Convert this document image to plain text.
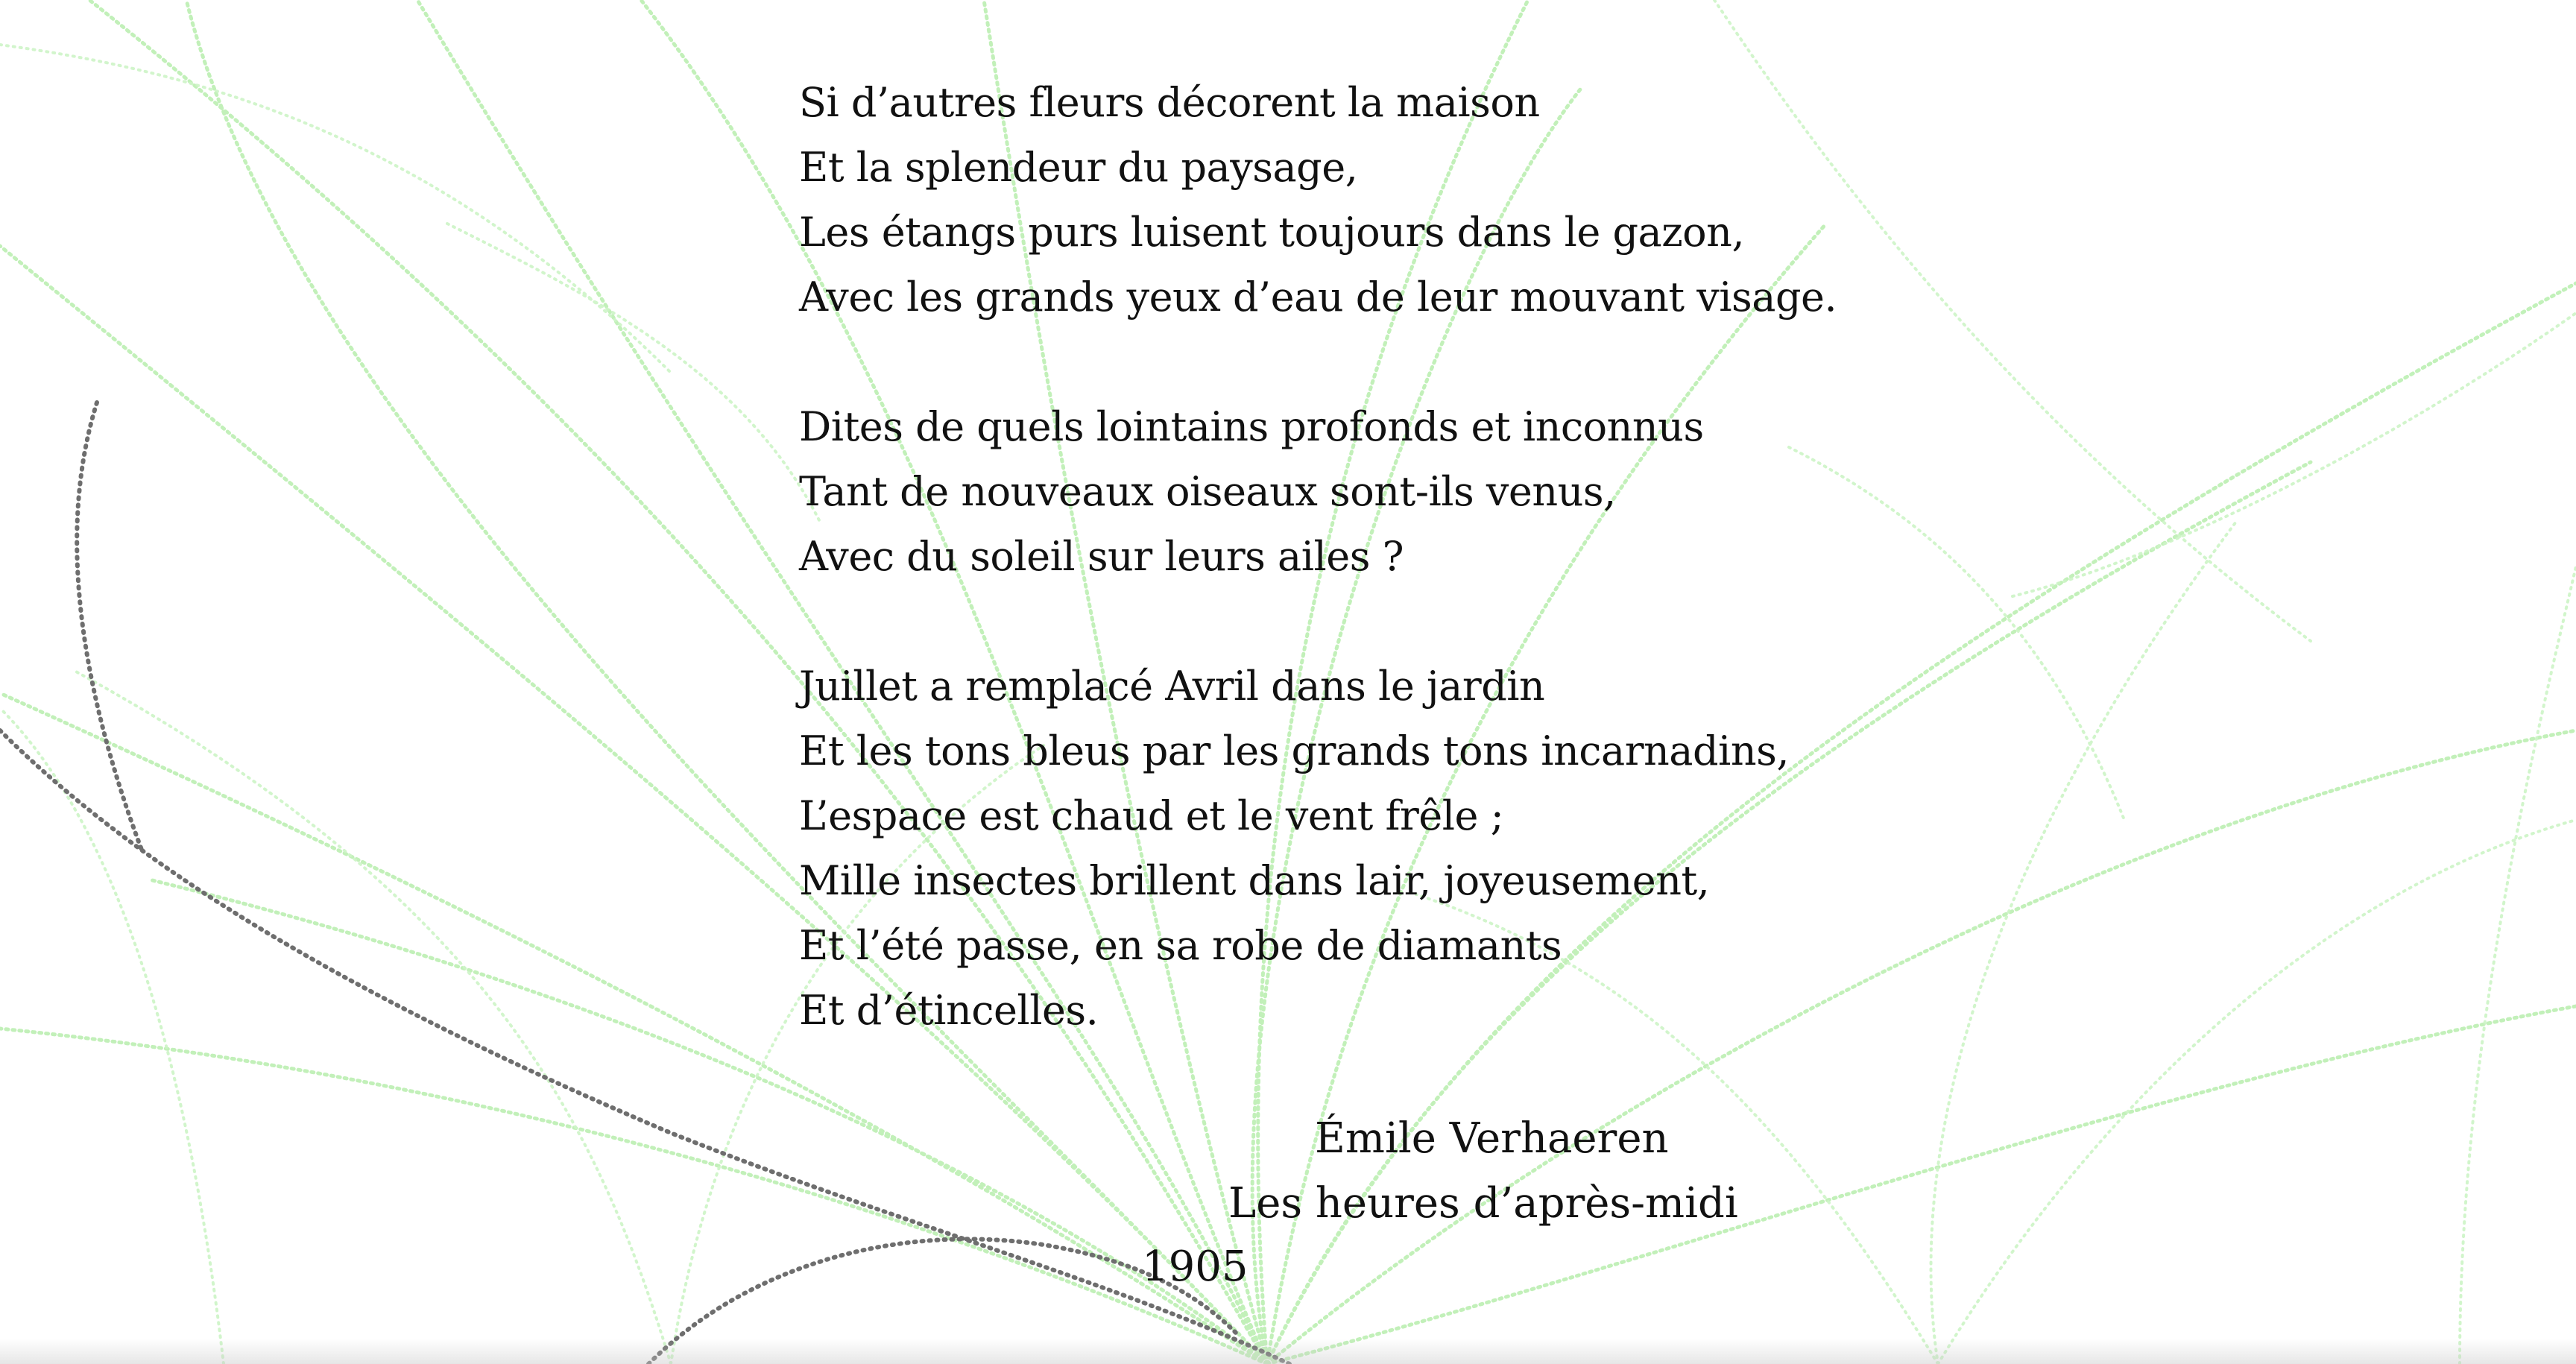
Si d’autres fleurs décorent la maison
Et la splendeur du paysage,
Les étangs purs luisent toujours dans le gazon,
Avec les grands yeux d’eau de leur mouvant visage.
Dites de quels lointains profonds et inconnus
Tant de nouveaux oiseaux sont-ils venus,
Avec du soleil sur leurs ailes ?
Juillet a remplacé Avril dans le jardin
Et les tons bleus par les grands tons incarnadins,
L’espace est chaud et le vent frêle ;
Mille insectes brillent dans lair, joyeusement,
Et l’été passe, en sa robe de diamants
Et d’étincelles.
Émile Verhaeren
Les heures d’après-midi
1905
